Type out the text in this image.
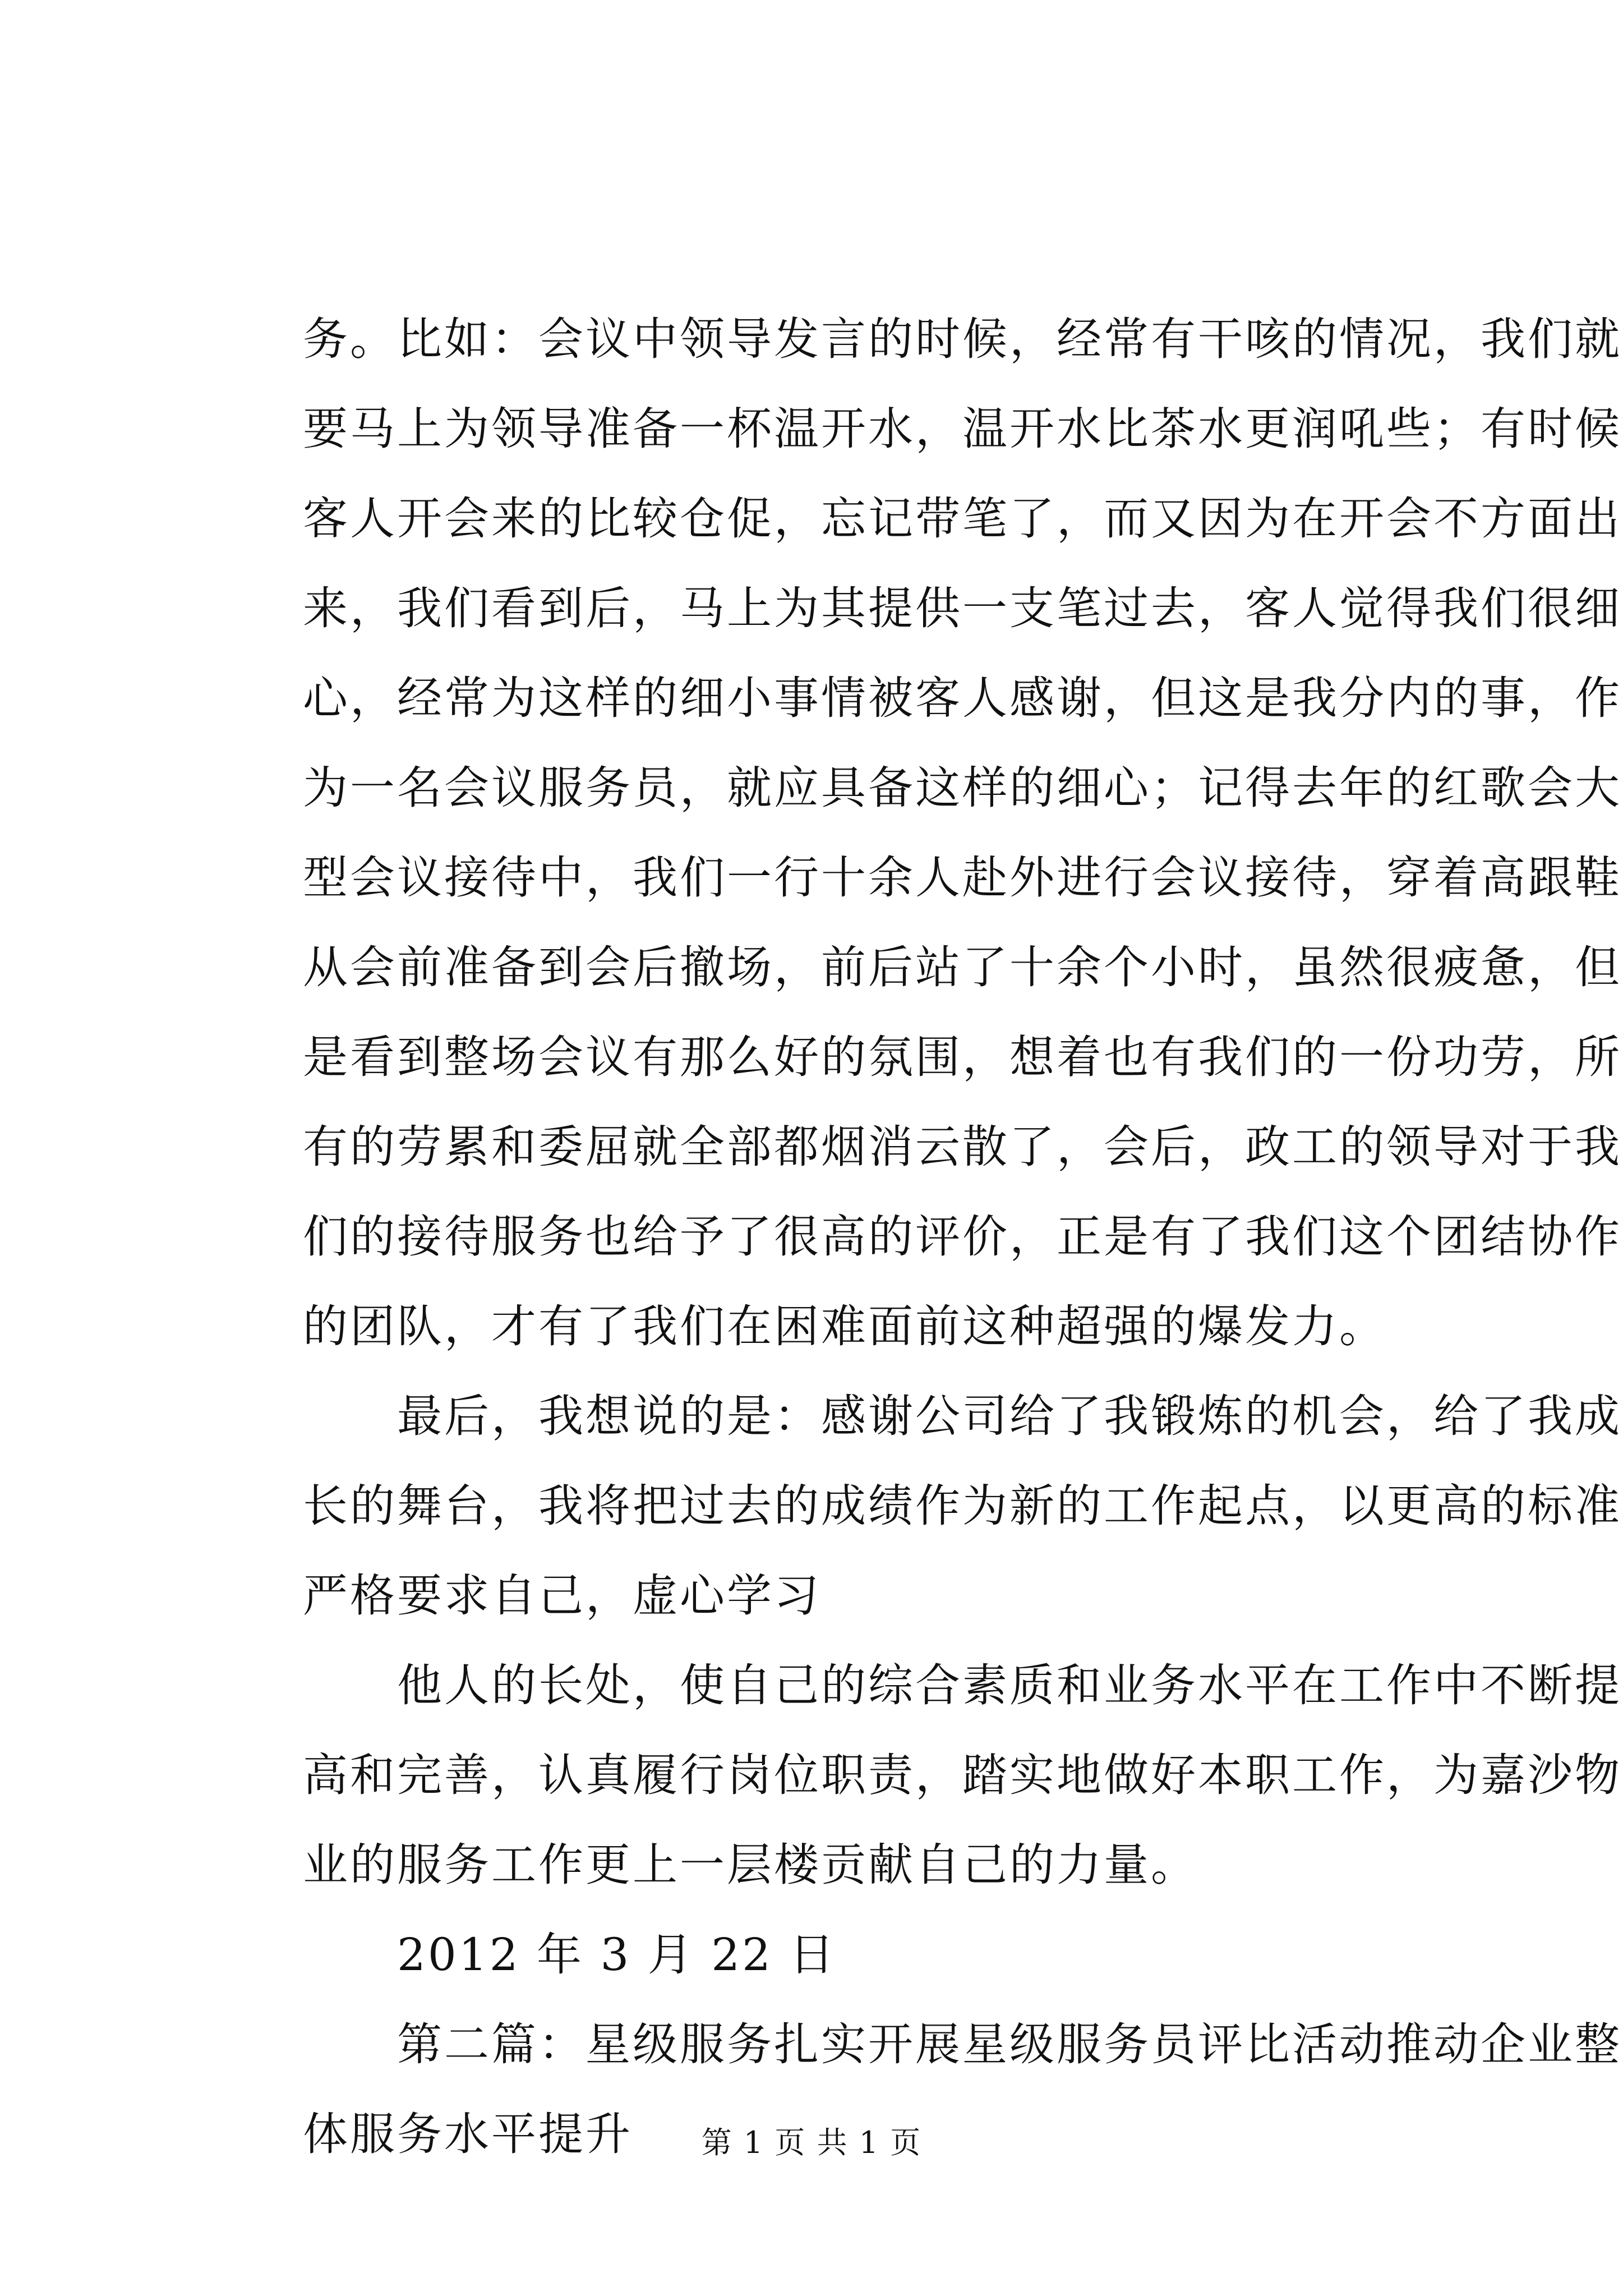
务。比如：会议中领导发言的时候，经常有干咳的情况，我们就
要马上为领导准备一杯温开水，温开水比茶水更润吼些；有时候
客人开会来的比较仓促，忘记带笔了，而又因为在开会不方面出
来，我们看到后，马上为其提供一支笔过去，客人觉得我们很细
心，经常为这样的细小事情被客人感谢，但这是我分内的事，作
为一名会议服务员，就应具备这样的细心；记得去年的红歌会大
型会议接待中，我们一行十余人赴外进行会议接待，穿着高跟鞋
从会前准备到会后撤场，前后站了十余个小时，虽然很疲惫，但
是看到整场会议有那么好的氛围，想着也有我们的一份功劳，所
有的劳累和委屈就全部都烟消云散了，会后，政工的领导对于我
们的接待服务也给予了很高的评价，正是有了我们这个团结协作
的团队，才有了我们在困难面前这种超强的爆发力。
　　最后，我想说的是：感谢公司给了我锻炼的机会，给了我成
长的舞台，我将把过去的成绩作为新的工作起点，以更高的标准
严格要求自己，虚心学习
　　他人的长处，使自己的综合素质和业务水平在工作中不断提
高和完善，认真履行岗位职责，踏实地做好本职工作，为嘉沙物
业的服务工作更上一层楼贡献自己的力量。
　　2012 年 3 月 22 日
　　第二篇：星级服务扎实开展星级服务员评比活动推动企业整
体服务水平提升	第 1 页 共 1 页
